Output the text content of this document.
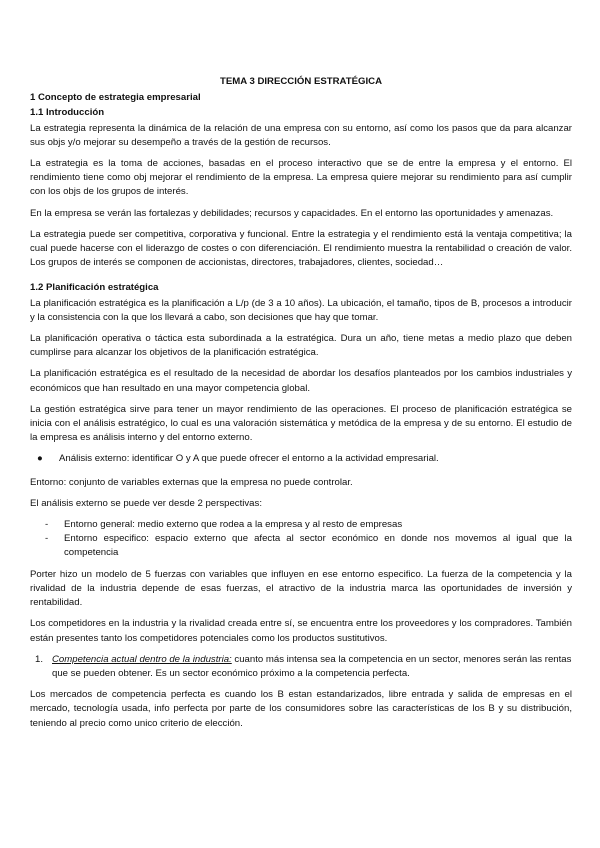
TEMA 3 DIRECCIÓN ESTRATÉGICA
1 Concepto de estrategia empresarial
1.1 Introducción

La estrategia representa la dinámica de la relación de una empresa con su entorno, así como los pasos que da para alcanzar sus objs y/o mejorar su desempeño a través de la gestión de recursos.

La estrategia es la toma de acciones, basadas en el proceso interactivo que se de entre la empresa y el entorno. El rendimiento tiene como obj mejorar el rendimiento de la empresa. La empresa quiere mejorar su rendimiento para así cumplir con los objs de los grupos de interés.

En la empresa se verán las fortalezas y debilidades; recursos y capacidades. En el entorno las oportunidades y amenazas.

La estrategia puede ser competitiva, corporativa y funcional. Entre la estrategia y el rendimiento está la ventaja competitiva; la cual puede hacerse con el liderazgo de costes o con diferenciación. El rendimiento muestra la rentabilidad o creación de valor. Los grupos de interés se componen de accionistas, directores, trabajadores, clientes, sociedad…

1.2 Planificación estratégica

La planificación estratégica es la planificación a L/p (de 3 a 10 años). La ubicación, el tamaño, tipos de B, procesos a introducir y la consistencia con la que los llevará a cabo, son decisiones que hay que tomar.

La planificación operativa o táctica esta subordinada a la estratégica. Dura un año, tiene metas a medio plazo que deben cumplirse para alcanzar los objetivos de la planificación estratégica.

La planificación estratégica es el resultado de la necesidad de abordar los desafíos planteados por los cambios industriales y económicos que han resultado en una mayor competencia global.

La gestión estratégica sirve para tener un mayor rendimiento de las operaciones. El proceso de planificación estratégica se inicia con el análisis estratégico, lo cual es una valoración sistemática y metódica de la empresa y de su entorno. El estudio de la empresa es análisis interno y del entorno externo.

● Análisis externo: identificar O y A que puede ofrecer el entorno a la actividad empresarial.

Entorno: conjunto de variables externas que la empresa no puede controlar.

El análisis externo se puede ver desde 2 perspectivas:

- Entorno general: medio externo que rodea a la empresa y al resto de empresas
- Entorno especifico: espacio externo que afecta al sector económico en donde nos movemos al igual que la competencia

Porter hizo un modelo de 5 fuerzas con variables que influyen en ese entorno especifico. La fuerza de la competencia y la rivalidad de la industria depende de esas fuerzas, el atractivo de la industria marca las oportunidades de inversión y rentabilidad.

Los competidores en la industria y la rivalidad creada entre sí, se encuentra entre los proveedores y los compradores. También están presentes tanto los competidores potenciales como los productos sustitutivos.

1. Competencia actual dentro de la industria: cuanto más intensa sea la competencia en un sector, menores serán las rentas que se pueden obtener. Es un sector económico próximo a la competencia perfecta.

Los mercados de competencia perfecta es cuando los B estan estandarizados, libre entrada y salida de empresas en el mercado, tecnología usada, info perfecta por parte de los consumidores sobre las características de los B y su distribución, teniendo al precio como unico criterio de elección.
